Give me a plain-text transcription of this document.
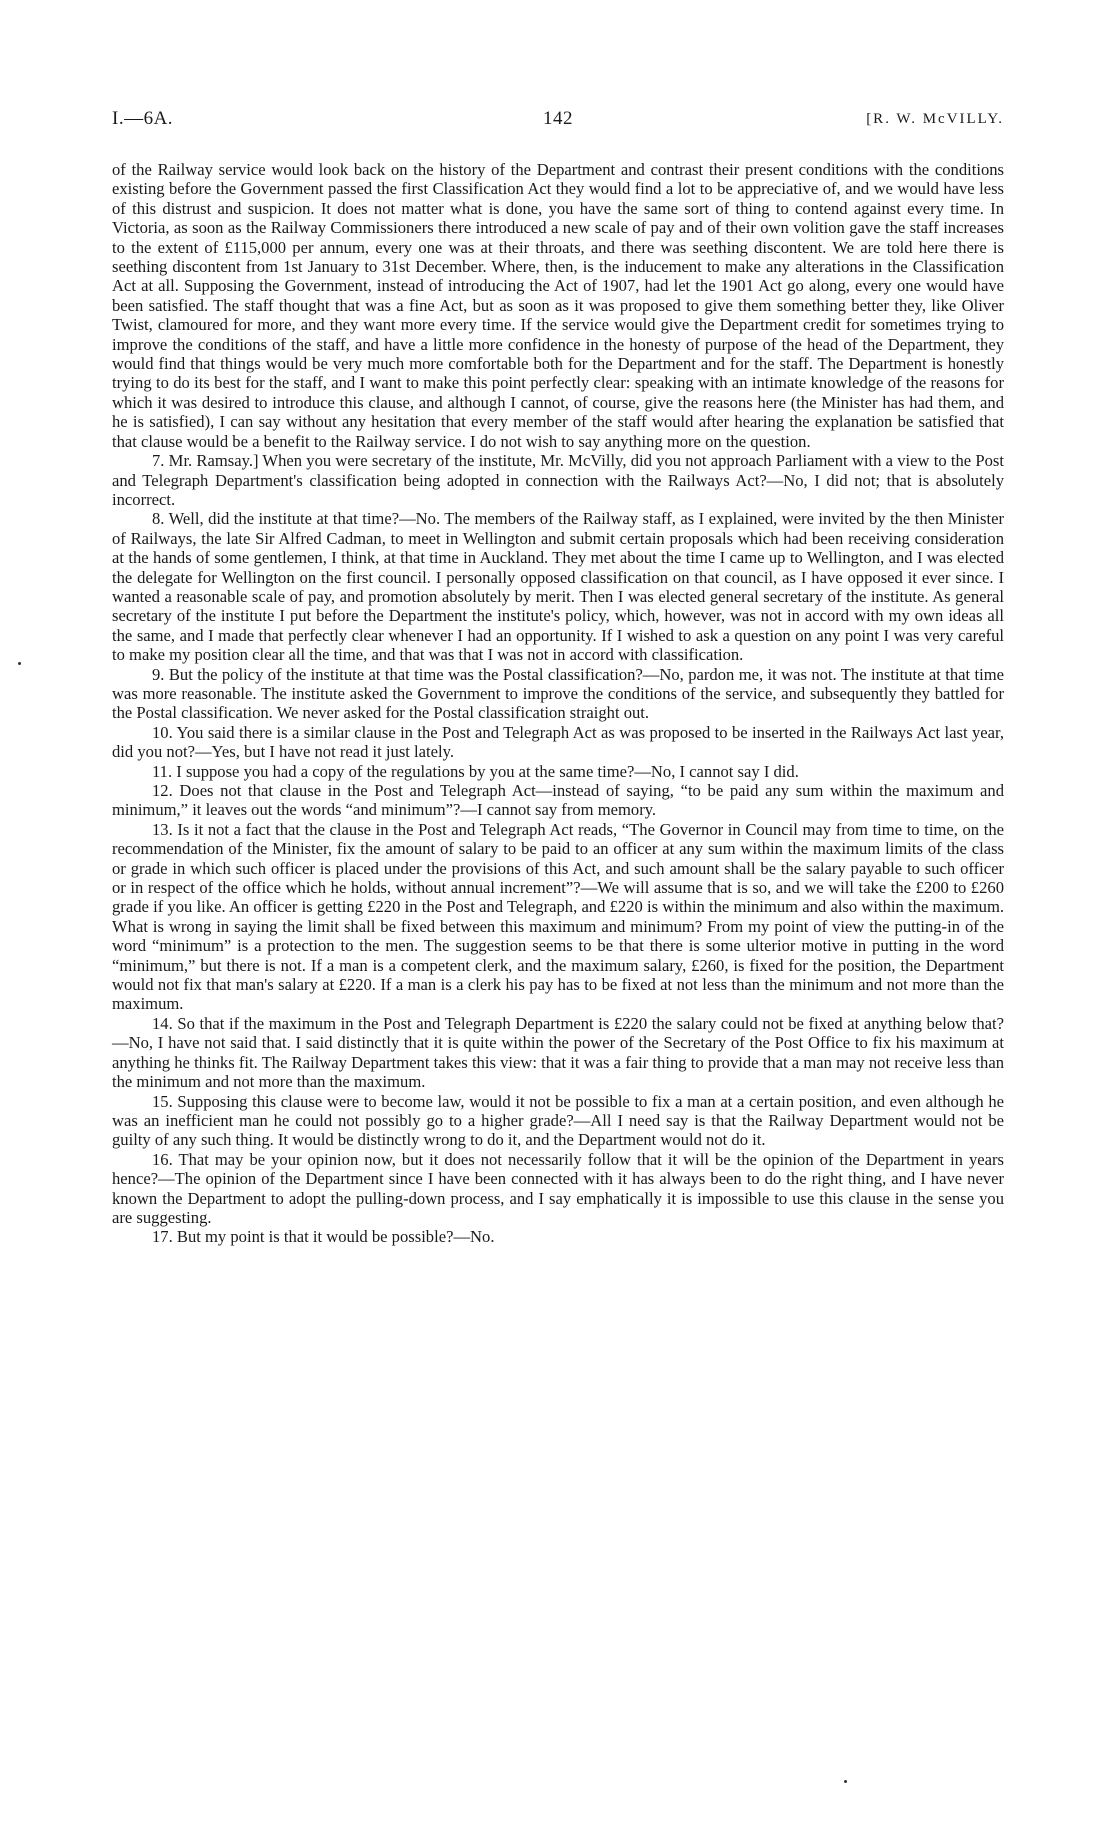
I.—6A.	142	[R. W. McVILLY.

of the Railway service would look back on the history of the Department and contrast their present conditions with the conditions existing before the Government passed the first Classification Act they would find a lot to be appreciative of, and we would have less of this distrust and suspicion. It does not matter what is done, you have the same sort of thing to contend against every time. In Victoria, as soon as the Railway Commissioners there introduced a new scale of pay and of their own volition gave the staff increases to the extent of £115,000 per annum, every one was at their throats, and there was seething discontent. We are told here there is seething discontent from 1st January to 31st December. Where, then, is the inducement to make any alterations in the Classification Act at all. Supposing the Government, instead of introducing the Act of 1907, had let the 1901 Act go along, every one would have been satisfied. The staff thought that was a fine Act, but as soon as it was proposed to give them something better they, like Oliver Twist, clamoured for more, and they want more every time. If the service would give the Department credit for sometimes trying to improve the conditions of the staff, and have a little more confidence in the honesty of purpose of the head of the Department, they would find that things would be very much more comfortable both for the Department and for the staff. The Department is honestly trying to do its best for the staff, and I want to make this point perfectly clear: speaking with an intimate knowledge of the reasons for which it was desired to introduce this clause, and although I cannot, of course, give the reasons here (the Minister has had them, and he is satisfied), I can say without any hesitation that every member of the staff would after hearing the explanation be satisfied that that clause would be a benefit to the Railway service. I do not wish to say anything more on the question.

7. Mr. Ramsay.] When you were secretary of the institute, Mr. McVilly, did you not approach Parliament with a view to the Post and Telegraph Department's classification being adopted in connection with the Railways Act?—No, I did not; that is absolutely incorrect.

8. Well, did the institute at that time?—No. The members of the Railway staff, as I explained, were invited by the then Minister of Railways, the late Sir Alfred Cadman, to meet in Wellington and submit certain proposals which had been receiving consideration at the hands of some gentlemen, I think, at that time in Auckland. They met about the time I came up to Wellington, and I was elected the delegate for Wellington on the first council. I personally opposed classification on that council, as I have opposed it ever since. I wanted a reasonable scale of pay, and promotion absolutely by merit. Then I was elected general secretary of the institute. As general secretary of the institute I put before the Department the institute's policy, which, however, was not in accord with my own ideas all the same, and I made that perfectly clear whenever I had an opportunity. If I wished to ask a question on any point I was very careful to make my position clear all the time, and that was that I was not in accord with classification.

9. But the policy of the institute at that time was the Postal classification?—No, pardon me, it was not. The institute at that time was more reasonable. The institute asked the Government to improve the conditions of the service, and subsequently they battled for the Postal classification. We never asked for the Postal classification straight out.

10. You said there is a similar clause in the Post and Telegraph Act as was proposed to be inserted in the Railways Act last year, did you not?—Yes, but I have not read it just lately.

11. I suppose you had a copy of the regulations by you at the same time?—No, I cannot say I did.

12. Does not that clause in the Post and Telegraph Act—instead of saying, “to be paid any sum within the maximum and minimum,” it leaves out the words “and minimum”?—I cannot say from memory.

13. Is it not a fact that the clause in the Post and Telegraph Act reads, “The Governor in Council may from time to time, on the recommendation of the Minister, fix the amount of salary to be paid to an officer at any sum within the maximum limits of the class or grade in which such officer is placed under the provisions of this Act, and such amount shall be the salary payable to such officer or in respect of the office which he holds, without annual increment”?—We will assume that is so, and we will take the £200 to £260 grade if you like. An officer is getting £220 in the Post and Telegraph, and £220 is within the minimum and also within the maximum. What is wrong in saying the limit shall be fixed between this maximum and minimum? From my point of view the putting-in of the word “minimum” is a protection to the men. The suggestion seems to be that there is some ulterior motive in putting in the word “minimum,” but there is not. If a man is a competent clerk, and the maximum salary, £260, is fixed for the position, the Department would not fix that man's salary at £220. If a man is a clerk his pay has to be fixed at not less than the minimum and not more than the maximum.

14. So that if the maximum in the Post and Telegraph Department is £220 the salary could not be fixed at anything below that?—No, I have not said that. I said distinctly that it is quite within the power of the Secretary of the Post Office to fix his maximum at anything he thinks fit. The Railway Department takes this view: that it was a fair thing to provide that a man may not receive less than the minimum and not more than the maximum.

15. Supposing this clause were to become law, would it not be possible to fix a man at a certain position, and even although he was an inefficient man he could not possibly go to a higher grade?—All I need say is that the Railway Department would not be guilty of any such thing. It would be distinctly wrong to do it, and the Department would not do it.

16. That may be your opinion now, but it does not necessarily follow that it will be the opinion of the Department in years hence?—The opinion of the Department since I have been connected with it has always been to do the right thing, and I have never known the Department to adopt the pulling-down process, and I say emphatically it is impossible to use this clause in the sense you are suggesting.

17. But my point is that it would be possible?—No.
